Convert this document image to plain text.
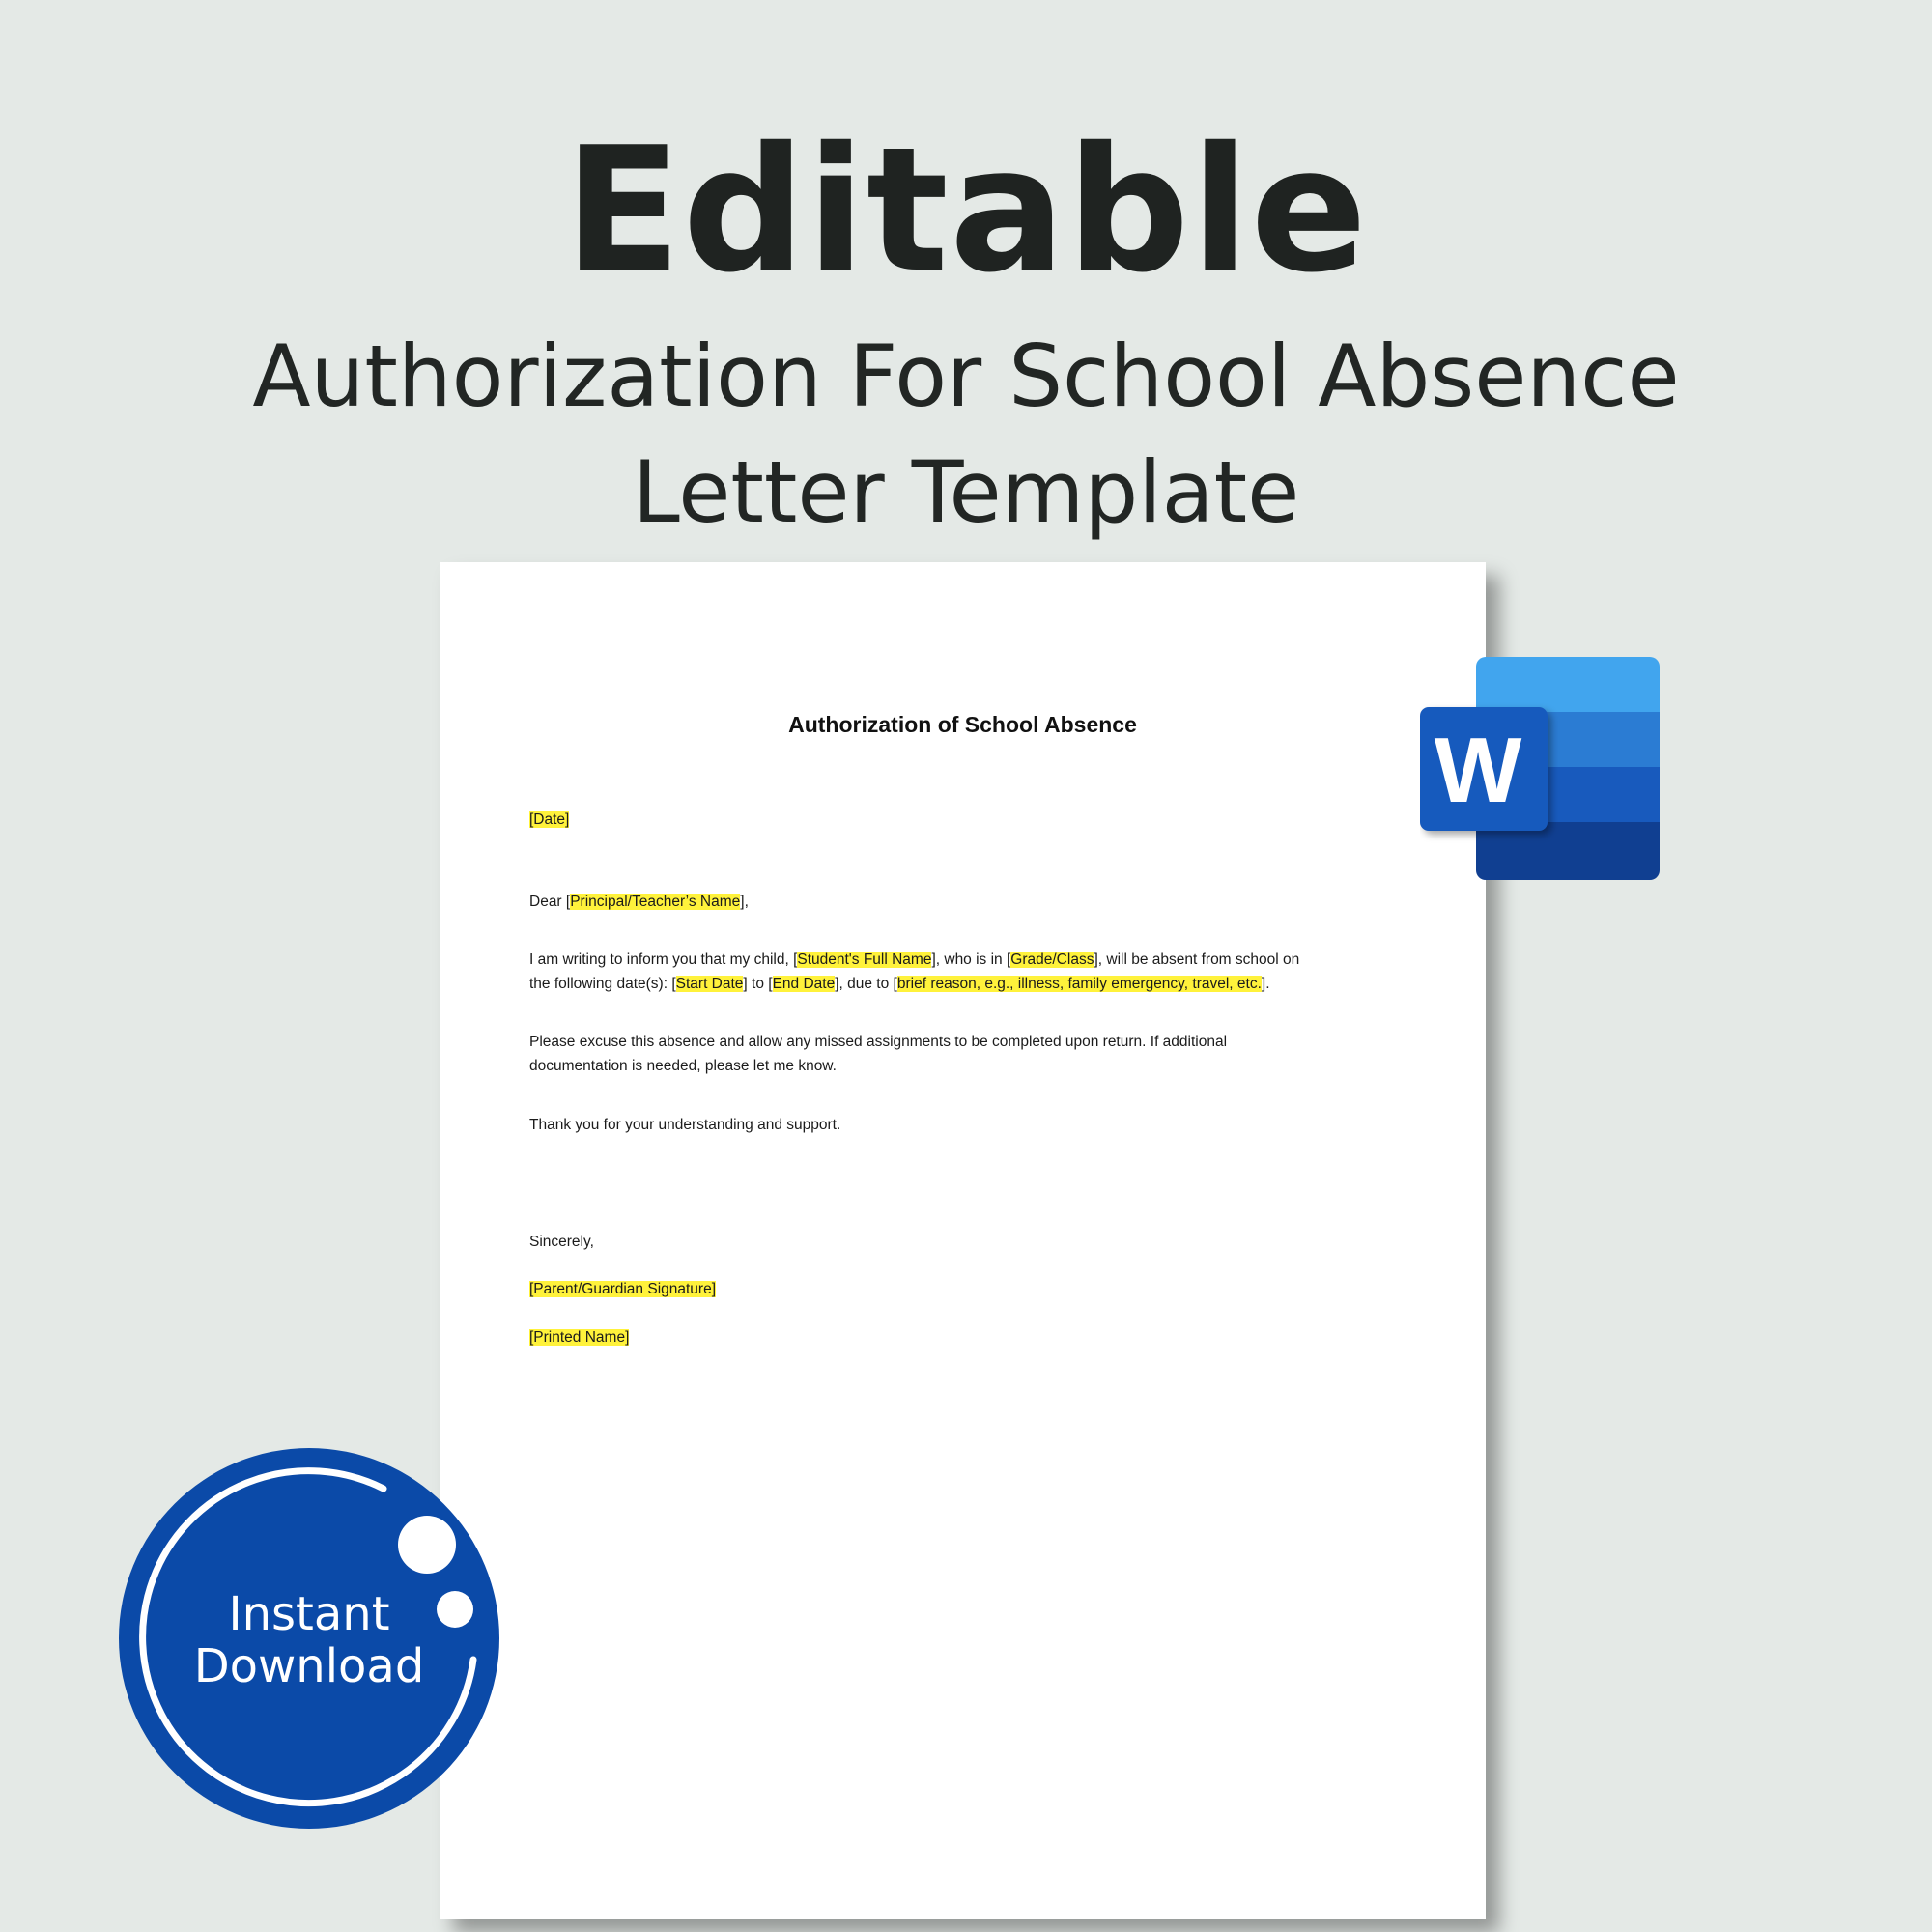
Editable
Authorization For School Absence
Letter Template
Authorization of School Absence
[Date]
Dear [Principal/Teacher’s Name],
I am writing to inform you that my child, [Student's Full Name], who is in [Grade/Class], will be absent from school on
the following date(s): [Start Date] to [End Date], due to [brief reason, e.g., illness, family emergency, travel, etc.].
Please excuse this absence and allow any missed assignments to be completed upon return. If additional
documentation is needed, please let me know.
Thank you for your understanding and support.
Sincerely,
[Parent/Guardian Signature]
[Printed Name]
W
Instant
Download
